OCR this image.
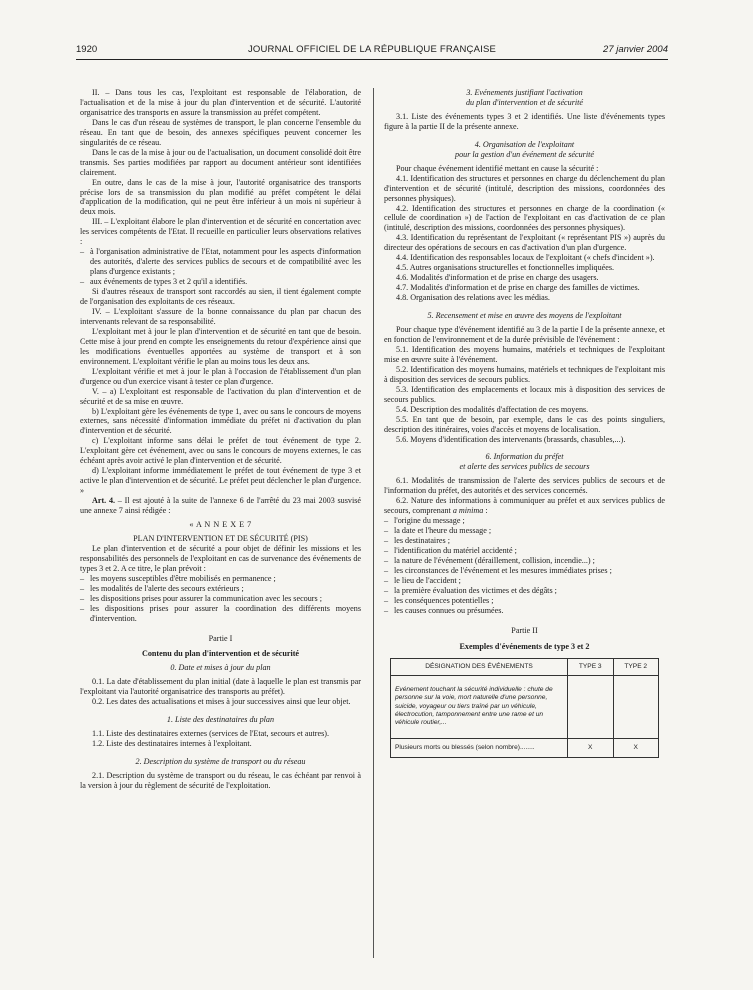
1920	JOURNAL OFFICIEL DE LA RÉPUBLIQUE FRANÇAISE	27 janvier 2004

II. – Dans tous les cas, l'exploitant est responsable de l'élaboration, de l'actualisation et de la mise à jour du plan d'intervention et de sécurité. L'autorité organisatrice des transports en assure la transmission au préfet compétent.

Dans le cas d'un réseau de systèmes de transport, le plan concerne l'ensemble du réseau. En tant que de besoin, des annexes spécifiques peuvent concerner les singularités de ce réseau.

Dans le cas de la mise à jour ou de l'actualisation, un document consolidé doit être transmis. Ses parties modifiées par rapport au document antérieur sont identifiées clairement.

En outre, dans le cas de la mise à jour, l'autorité organisatrice des transports précise lors de sa transmission du plan modifié au préfet compétent le délai d'application de la modification, qui ne peut être inférieur à un mois ni supérieur à deux mois.

III. – L'exploitant élabore le plan d'intervention et de sécurité en concertation avec les services compétents de l'Etat. Il recueille en particulier leurs observations relatives :

– à l'organisation administrative de l'Etat, notamment pour les aspects d'information des autorités, d'alerte des services publics de secours et de compatibilité avec les plans d'urgence existants ;
– aux événements de types 3 et 2 qu'il a identifiés.

Si d'autres réseaux de transport sont raccordés au sien, il tient également compte de l'organisation des exploitants de ces réseaux.

IV. – L'exploitant s'assure de la bonne connaissance du plan par chacun des intervenants relevant de sa responsabilité.

L'exploitant met à jour le plan d'intervention et de sécurité en tant que de besoin. Cette mise à jour prend en compte les enseignements du retour d'expérience ainsi que les modifications éventuelles apportées au système de transport et à son environnement. L'exploitant vérifie le plan au moins tous les deux ans.

L'exploitant vérifie et met à jour le plan à l'occasion de l'établissement d'un plan d'urgence ou d'un exercice visant à tester ce plan d'urgence.

V. – a) L'exploitant est responsable de l'activation du plan d'intervention et de sécurité et de sa mise en œuvre.

b) L'exploitant gère les événements de type 1, avec ou sans le concours de moyens externes, sans nécessité d'information immédiate du préfet ni d'activation du plan d'intervention et de sécurité.

c) L'exploitant informe sans délai le préfet de tout événement de type 2. L'exploitant gère cet événement, avec ou sans le concours de moyens externes, le cas échéant après avoir activé le plan d'intervention et de sécurité.

d) L'exploitant informe immédiatement le préfet de tout événement de type 3 et active le plan d'intervention et de sécurité. Le préfet peut déclencher le plan d'urgence. »

Art. 4. – Il est ajouté à la suite de l'annexe 6 de l'arrêté du 23 mai 2003 susvisé une annexe 7 ainsi rédigée :

« A N N E X E 7

PLAN D'INTERVENTION ET DE SÉCURITÉ (PIS)

Le plan d'intervention et de sécurité a pour objet de définir les missions et les responsabilités des personnels de l'exploitant en cas de survenance des événements de types 3 et 2. A ce titre, le plan prévoit :

– les moyens susceptibles d'être mobilisés en permanence ;
– les modalités de l'alerte des secours extérieurs ;
– les dispositions prises pour assurer la communication avec les secours ;
– les dispositions prises pour assurer la coordination des différents moyens d'intervention.

Partie I

Contenu du plan d'intervention et de sécurité

0. Date et mises à jour du plan

0.1. La date d'établissement du plan initial (date à laquelle le plan est transmis par l'exploitant via l'autorité organisatrice des transports au préfet).

0.2. Les dates des actualisations et mises à jour successives ainsi que leur objet.

1. Liste des destinataires du plan

1.1. Liste des destinataires externes (services de l'Etat, secours et autres).

1.2. Liste des destinataires internes à l'exploitant.

2. Description du système de transport ou du réseau

2.1. Description du système de transport ou du réseau, le cas échéant par renvoi à la version à jour du règlement de sécurité de l'exploitation.

3. Evénements justifiant l'activation

du plan d'intervention et de sécurité

3.1. Liste des événements types 3 et 2 identifiés. Une liste d'événements types figure à la partie II de la présente annexe.

4. Organisation de l'exploitant

pour la gestion d'un événement de sécurité

Pour chaque événement identifié mettant en cause la sécurité :

4.1. Identification des structures et personnes en charge du déclenchement du plan d'intervention et de sécurité (intitulé, description des missions, coordonnées des personnes physiques).

4.2. Identification des structures et personnes en charge de la coordination (« cellule de coordination ») de l'action de l'exploitant en cas d'activation de ce plan (intitulé, description des missions, coordonnées des personnes physiques).

4.3. Identification du représentant de l'exploitant (« représentant PIS ») auprès du directeur des opérations de secours en cas d'activation d'un plan d'urgence.

4.4. Identification des responsables locaux de l'exploitant (« chefs d'incident »).

4.5. Autres organisations structurelles et fonctionnelles impliquées.

4.6. Modalités d'information et de prise en charge des usagers.

4.7. Modalités d'information et de prise en charge des familles de victimes.

4.8. Organisation des relations avec les médias.

5. Recensement et mise en œuvre des moyens de l'exploitant

Pour chaque type d'événement identifié au 3 de la partie I de la présente annexe, et en fonction de l'environnement et de la durée prévisible de l'événement :

5.1. Identification des moyens humains, matériels et techniques de l'exploitant mise en œuvre suite à l'événement.

5.2. Identification des moyens humains, matériels et techniques de l'exploitant mis à disposition des services de secours publics.

5.3. Identification des emplacements et locaux mis à disposition des services de secours publics.

5.4. Description des modalités d'affectation de ces moyens.

5.5. En tant que de besoin, par exemple, dans le cas des points singuliers, description des itinéraires, voies d'accès et moyens de localisation.

5.6. Moyens d'identification des intervenants (brassards, chasubles,...).

6. Information du préfet

et alerte des services publics de secours

6.1. Modalités de transmission de l'alerte des services publics de secours et de l'information du préfet, des autorités et des services concernés.

6.2. Nature des informations à communiquer au préfet et aux services publics de secours, comprenant a minima :

– l'origine du message ;
– la date et l'heure du message ;
– les destinataires ;
– l'identification du matériel accidenté ;
– la nature de l'événement (déraillement, collision, incendie...) ;
– les circonstances de l'événement et les mesures immédiates prises ;
– le lieu de l'accident ;
– la première évaluation des victimes et des dégâts ;
– les conséquences potentielles ;
– les causes connues ou présumées.

Partie II

Exemples d'événements de type 3 et 2

DÉSIGNATION DES ÉVÉNEMENTS	TYPE 3	TYPE 2
Evénement touchant la sécurité individuelle : chute de personne sur la voie, mort naturelle d'une personne, suicide, voyageur ou tiers traîné par un véhicule, électrocution, tamponnement entre une rame et un véhicule routier,...		
Plusieurs morts ou blessés (selon nombre)........	X	X
